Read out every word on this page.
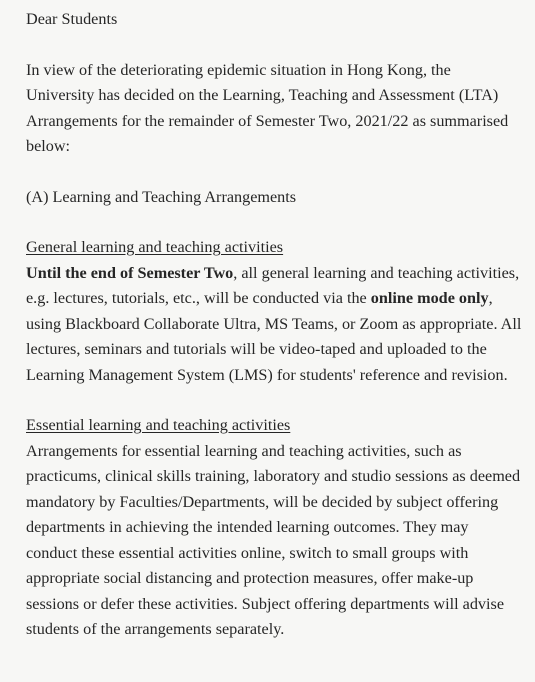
Dear Students

In view of the deteriorating epidemic situation in Hong Kong, the University has decided on the Learning, Teaching and Assessment (LTA) Arrangements for the remainder of Semester Two, 2021/22 as summarised below:

(A) Learning and Teaching Arrangements

General learning and teaching activities

Until the end of Semester Two, all general learning and teaching activities, e.g. lectures, tutorials, etc., will be conducted via the online mode only, using Blackboard Collaborate Ultra, MS Teams, or Zoom as appropriate. All lectures, seminars and tutorials will be video-taped and uploaded to the Learning Management System (LMS) for students' reference and revision.

Essential learning and teaching activities

Arrangements for essential learning and teaching activities, such as practicums, clinical skills training, laboratory and studio sessions as deemed mandatory by Faculties/Departments, will be decided by subject offering departments in achieving the intended learning outcomes. They may conduct these essential activities online, switch to small groups with appropriate social distancing and protection measures, offer make-up sessions or defer these activities. Subject offering departments will advise students of the arrangements separately.
